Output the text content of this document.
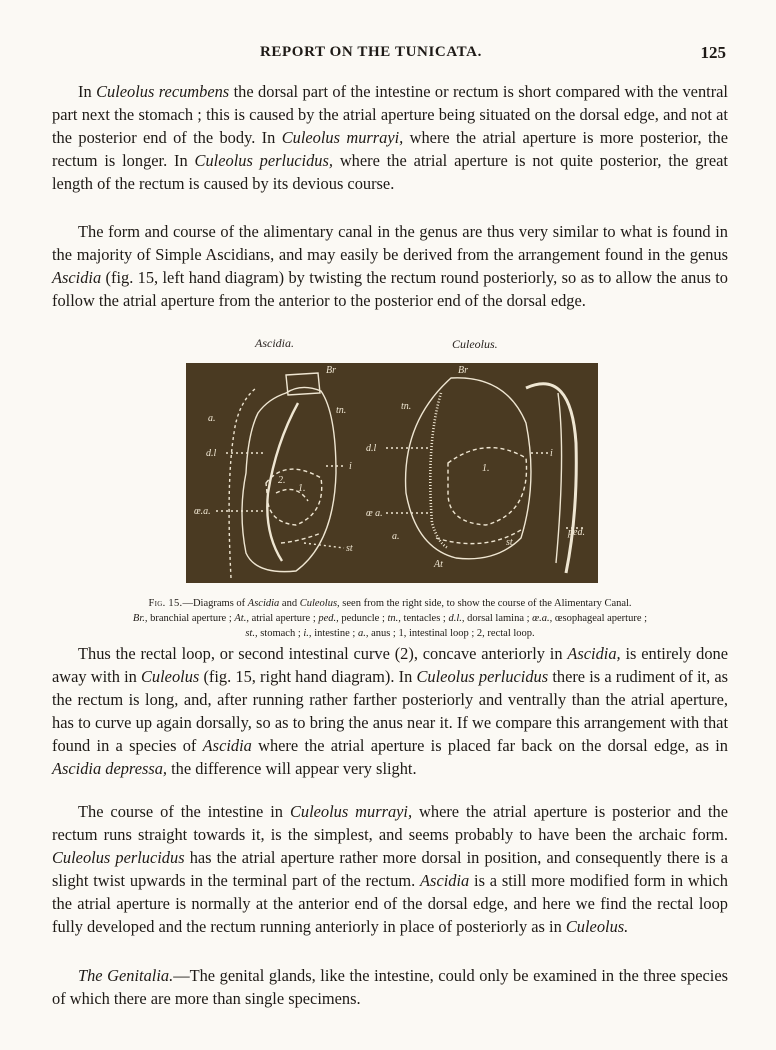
REPORT ON THE TUNICATA.	125

In Culeolus recumbens the dorsal part of the intestine or rectum is short compared with the ventral part next the stomach ; this is caused by the atrial aperture being situated on the dorsal edge, and not at the posterior end of the body. In Culeolus murrayi, where the atrial aperture is more posterior, the rectum is longer. In Culeolus perlucidus, where the atrial aperture is not quite posterior, the great length of the rectum is caused by its devious course.

The form and course of the alimentary canal in the genus are thus very similar to what is found in the majority of Simple Ascidians, and may easily be derived from the arrangement found in the genus Ascidia (fig. 15, left hand diagram) by twisting the rectum round posteriorly, so as to allow the anus to follow the atrial aperture from the anterior to the posterior end of the dorsal edge.

Ascidia.	Culeolus.
Br
tn.
a.
d.l
i
2.
1.
œ.a.
st
Br
tn.
d.l	i
1.
œ a.
a.
st.
ped.
At
Fig. 15.—Diagrams of Ascidia and Culeolus, seen from the right side, to show the course of the Alimentary Canal.
Br., branchial aperture ; At., atrial aperture ; ped., peduncle ; tn., tentacles ; d.l., dorsal lamina ; œ.a., œsophageal aperture ;
st., stomach ; i., intestine ; a., anus ; 1, intestinal loop ; 2, rectal loop.

Thus the rectal loop, or second intestinal curve (2), concave anteriorly in Ascidia, is entirely done away with in Culeolus (fig. 15, right hand diagram). In Culeolus perlucidus there is a rudiment of it, as the rectum is long, and, after running rather farther posteriorly and ventrally than the atrial aperture, has to curve up again dorsally, so as to bring the anus near it. If we compare this arrangement with that found in a species of Ascidia where the atrial aperture is placed far back on the dorsal edge, as in Ascidia depressa, the difference will appear very slight.

The course of the intestine in Culeolus murrayi, where the atrial aperture is posterior and the rectum runs straight towards it, is the simplest, and seems probably to have been the archaic form. Culeolus perlucidus has the atrial aperture rather more dorsal in position, and consequently there is a slight twist upwards in the terminal part of the rectum. Ascidia is a still more modified form in which the atrial aperture is normally at the anterior end of the dorsal edge, and here we find the rectal loop fully developed and the rectum running anteriorly in place of posteriorly as in Culeolus.

The Genitalia.—The genital glands, like the intestine, could only be examined in the three species of which there are more than single specimens.
